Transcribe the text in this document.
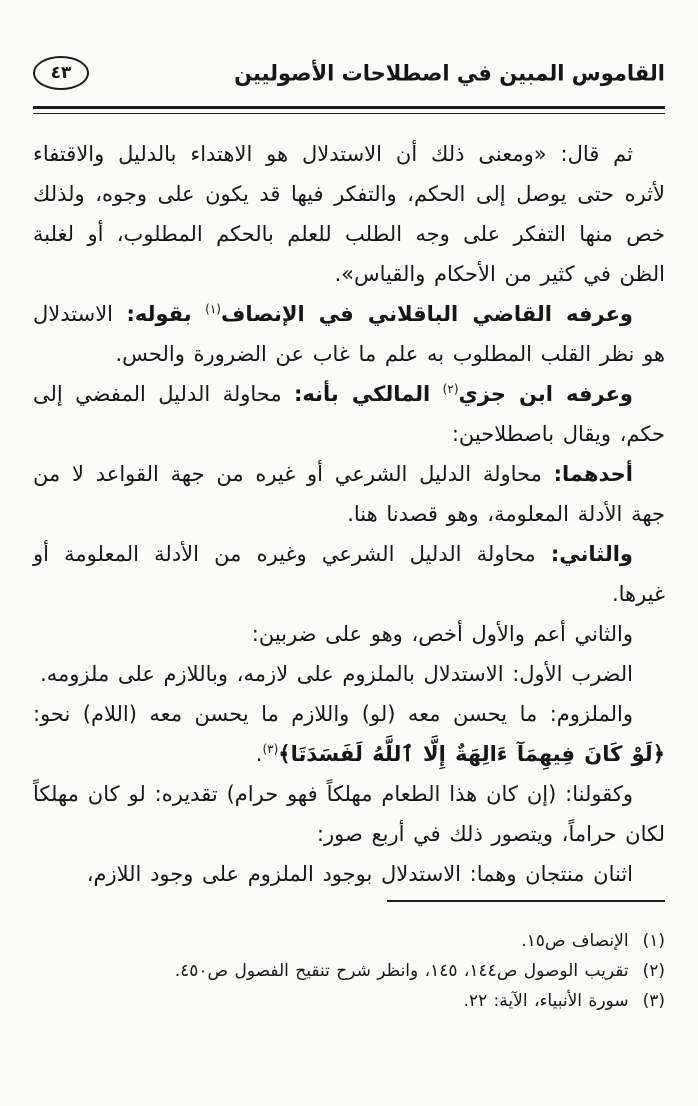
القاموس المبين في اصطلاحات الأصوليين
٤٣

ثم قال: «ومعنى ذلك أن الاستدلال هو الاهتداء بالدليل والاقتفاء لأثره حتى يوصل إلى الحكم، والتفكر فيها قد يكون على وجوه، ولذلك خص منها التفكر على وجه الطلب للعلم بالحكم المطلوب، أو لغلبة الظن في كثير من الأحكام والقياس».

وعرفه القاضي الباقلاني في الإنصاف$^{(١)}$ بقوله: الاستدلال هو نظر القلب المطلوب به علم ما غاب عن الضرورة والحس.

وعرفه ابن جزي$^{(٢)}$ المالكي بأنه: محاولة الدليل المفضي إلى حكم، ويقال باصطلاحين:

أحدهما: محاولة الدليل الشرعي أو غيره من جهة القواعد لا من جهة الأدلة المعلومة، وهو قصدنا هنا.

والثاني: محاولة الدليل الشرعي وغيره من الأدلة المعلومة أو غيرها.

والثاني أعم والأول أخص، وهو على ضربين:

الضرب الأول: الاستدلال بالملزوم على لازمه، وباللازم على ملزومه.

والملزوم: ما يحسن معه (لو) واللازم ما يحسن معه (اللام) نحو: ﴿لَوْ كَانَ فِيهِمَآ ءَالِهَةٌ إِلَّا ٱللَّهُ لَفَسَدَتَا﴾$^{(٣)}$.

وكقولنا: (إن كان هذا الطعام مهلكاً فهو حرام) تقديره: لو كان مهلكاً لكان حراماً، ويتصور ذلك في أربع صور:

اثنان منتجان وهما: الاستدلال بوجود الملزوم على وجود اللازم،

(١)
الإنصاف ص١٥.
(٢)
تقريب الوصول ص١٤٤، ١٤٥، وانظر شرح تنقيح الفصول ص٤٥٠.
(٣)
سورة الأنبياء، الآية: ٢٢.
